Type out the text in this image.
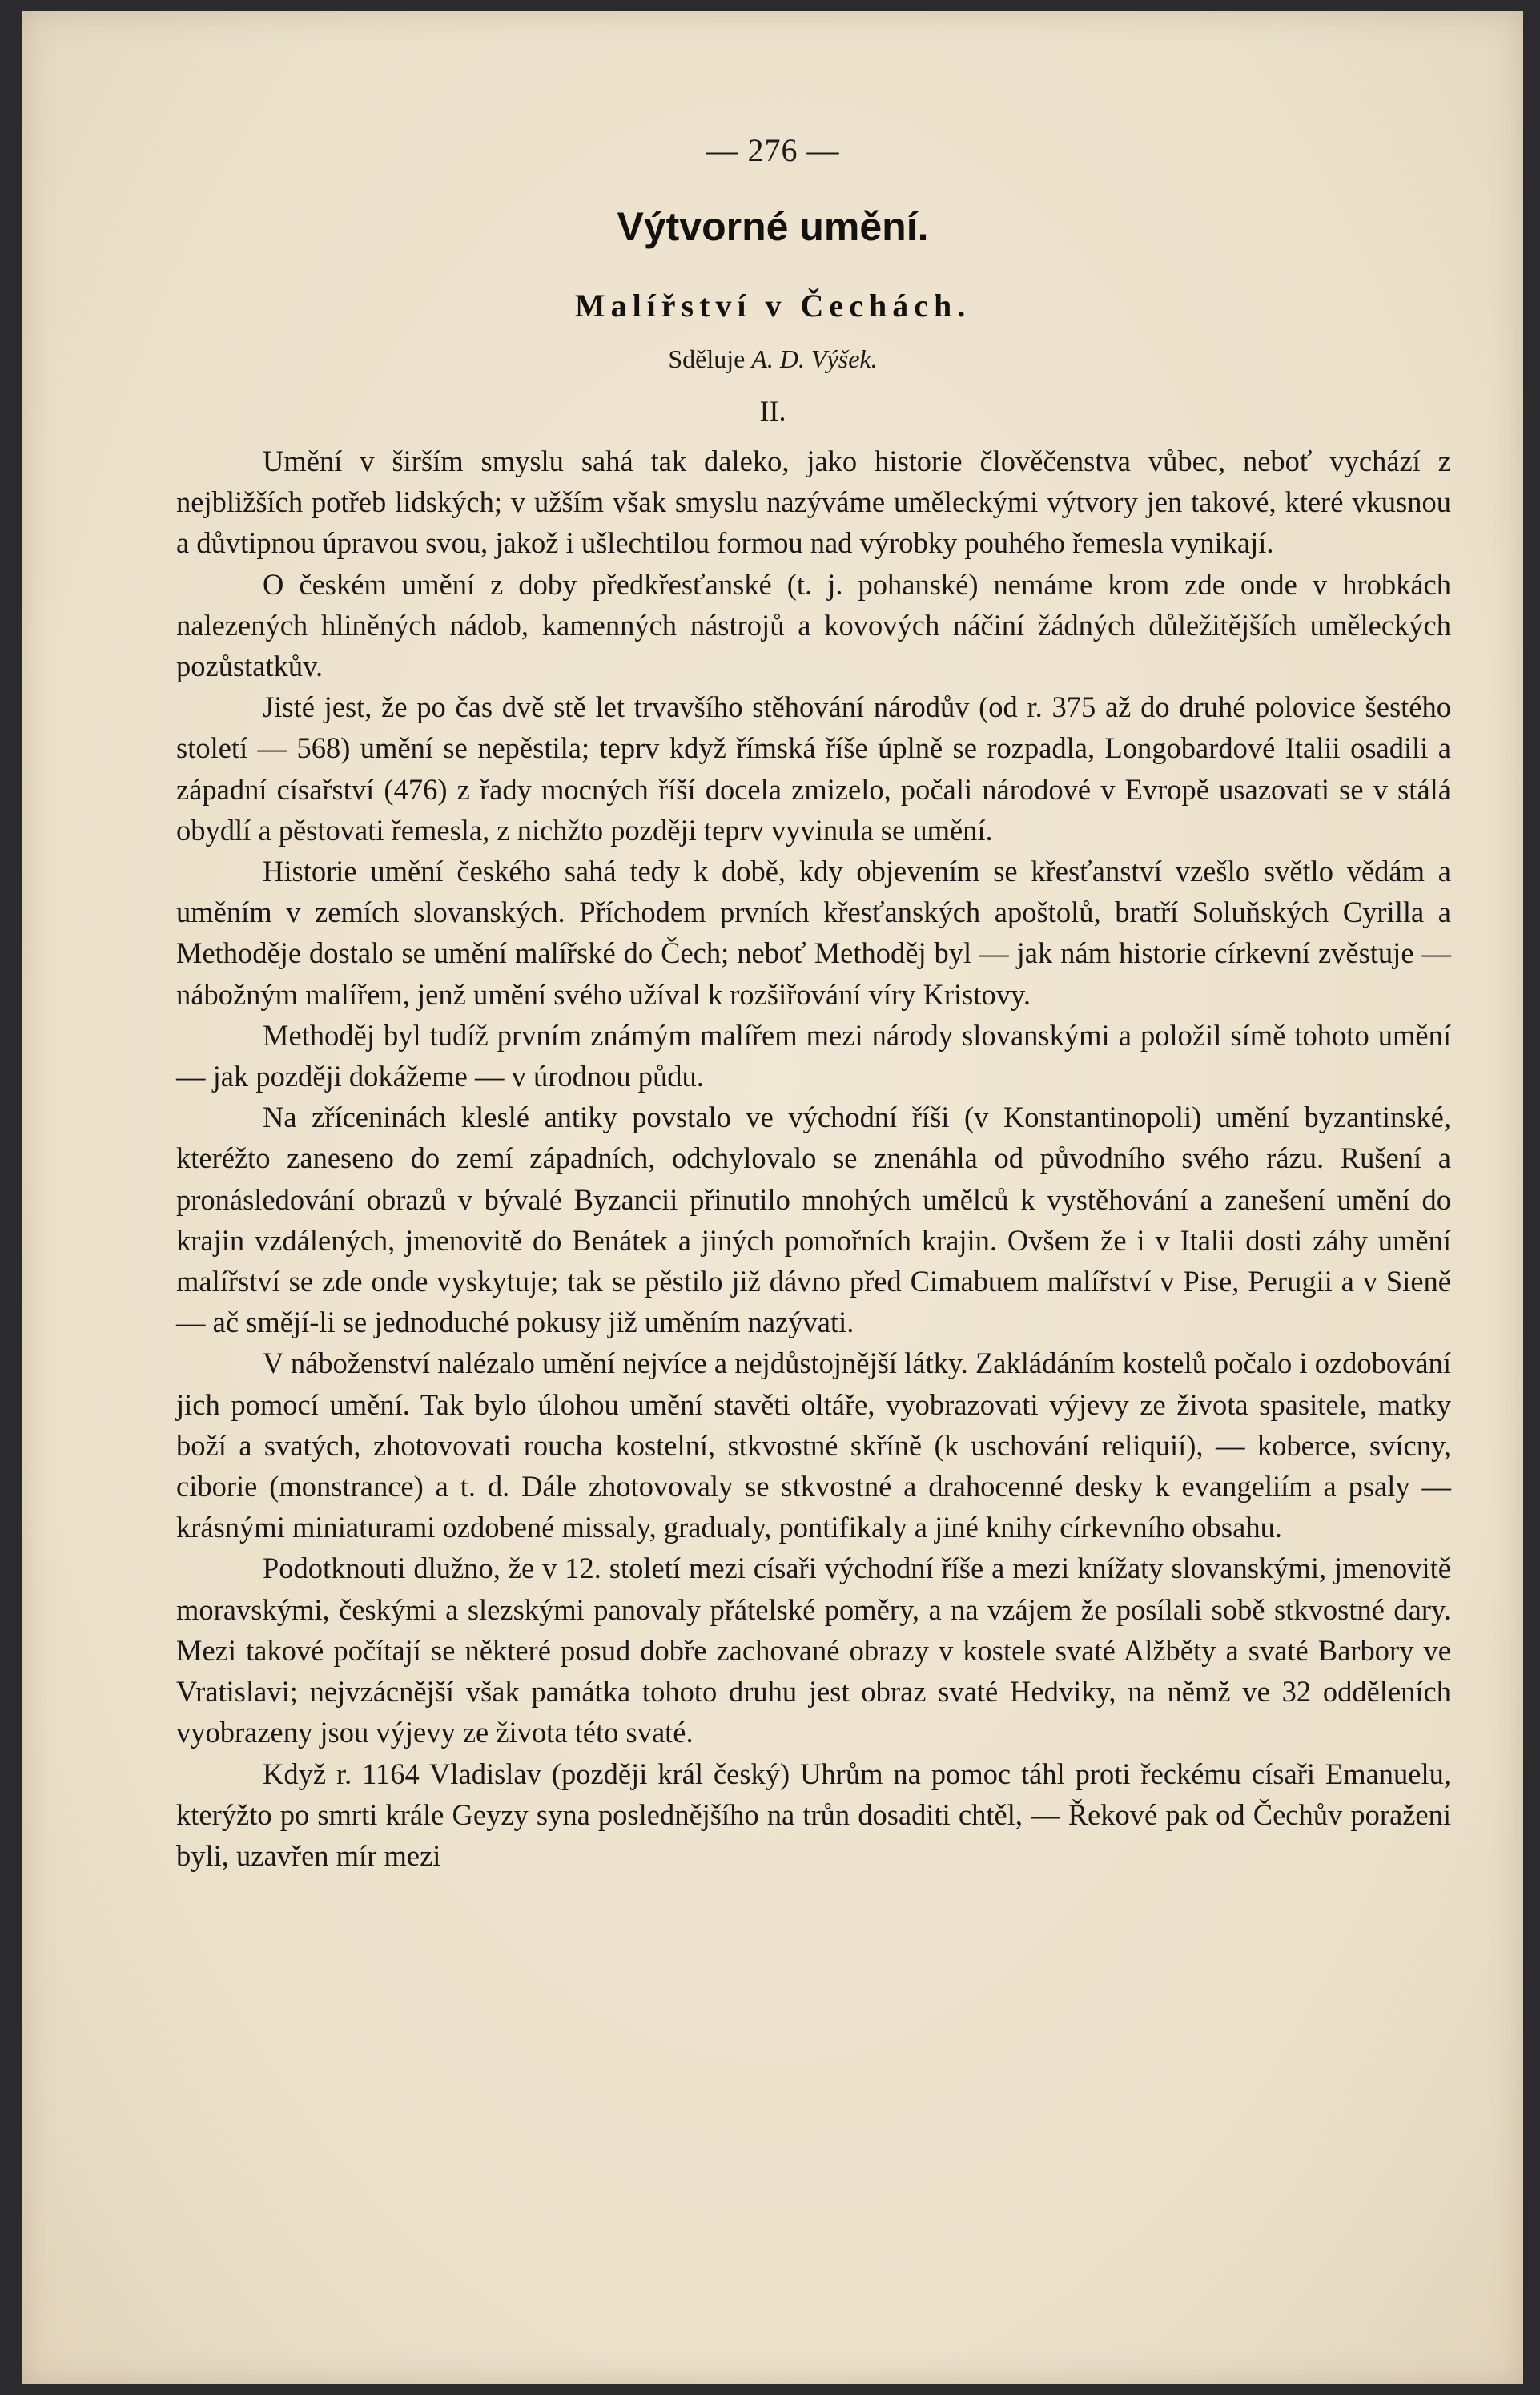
— 276 —
Výtvorné umění.
Malířství v Čechách.
Sděluje A. D. Výšek.
II.

Umění v širším smyslu sahá tak daleko, jako historie člověčenstva vůbec, neboť vychází z nejbližších potřeb lidských; v užším však smyslu nazýváme uměleckými výtvory jen takové, které vkusnou a důvtipnou úpravou svou, jakož i ušlechtilou formou nad výrobky pouhého řemesla vynikají.

O českém umění z doby předkřesťanské (t. j. pohanské) nemáme krom zde onde v hrobkách nalezených hliněných nádob, kamenných nástrojů a kovových náčiní žádných důležitějších uměleckých pozůstatkův.

Jisté jest, že po čas dvě stě let trvavšího stěhování národův (od r. 375 až do druhé polovice šestého století — 568) umění se nepěstila; teprv když římská říše úplně se rozpadla, Longobardové Italii osadili a západní císařství (476) z řady mocných říší docela zmizelo, počali národové v Evropě usazovati se v stálá obydlí a pěstovati řemesla, z nichžto později teprv vyvinula se umění.

Historie umění českého sahá tedy k době, kdy objevením se křesťanství vzešlo světlo vědám a uměním v zemích slovanských. Příchodem prvních křesťanských apoštolů, bratří Soluňských Cyrilla a Methoděje dostalo se umění malířské do Čech; neboť Methoděj byl — jak nám historie církevní zvěstuje — nábožným malířem, jenž umění svého užíval k rozšiřování víry Kristovy.

Methoděj byl tudíž prvním známým malířem mezi národy slovanskými a položil símě tohoto umění — jak později dokážeme — v úrodnou půdu.

Na zříceninách kleslé antiky povstalo ve východní říši (v Konstantinopoli) umění byzantinské, kteréžto zaneseno do zemí západních, odchylovalo se znenáhla od původního svého rázu. Rušení a pronásledování obrazů v bývalé Byzancii přinutilo mnohých umělců k vystěhování a zanešení umění do krajin vzdálených, jmenovitě do Benátek a jiných pomořních krajin. Ovšem že i v Italii dosti záhy umění malířství se zde onde vyskytuje; tak se pěstilo již dávno před Cimabuem malířství v Pise, Perugii a v Sieně — ač smějí-li se jednoduché pokusy již uměním nazývati.

V náboženství nalézalo umění nejvíce a nejdůstojnější látky. Zakládáním kostelů počalo i ozdobování jich pomocí umění. Tak bylo úlohou umění stavěti oltáře, vyobrazovati výjevy ze života spasitele, matky boží a svatých, zhotovovati roucha kostelní, stkvostné skříně (k uschování reliquií), — koberce, svícny, ciborie (monstrance) a t. d. Dále zhotovovaly se stkvostné a drahocenné desky k evangeliím a psaly — krásnými miniaturami ozdobené missaly, gradualy, pontifikaly a jiné knihy církevního obsahu.

Podotknouti dlužno, že v 12. století mezi císaři východní říše a mezi knížaty slovanskými, jmenovitě moravskými, českými a slezskými panovaly přátelské poměry, a na vzájem že posílali sobě stkvostné dary. Mezi takové počítají se některé posud dobře zachované obrazy v kostele svaté Alžběty a svaté Barbory ve Vratislavi; nejvzácnější však památka tohoto druhu jest obraz svaté Hedviky, na němž ve 32 odděleních vyobrazeny jsou výjevy ze života této svaté.

Když r. 1164 Vladislav (později král český) Uhrům na pomoc táhl proti řeckému císaři Emanuelu, kterýžto po smrti krále Geyzy syna poslednějšího na trůn dosaditi chtěl, — Řekové pak od Čechův poraženi byli, uzavřen mír mezi
